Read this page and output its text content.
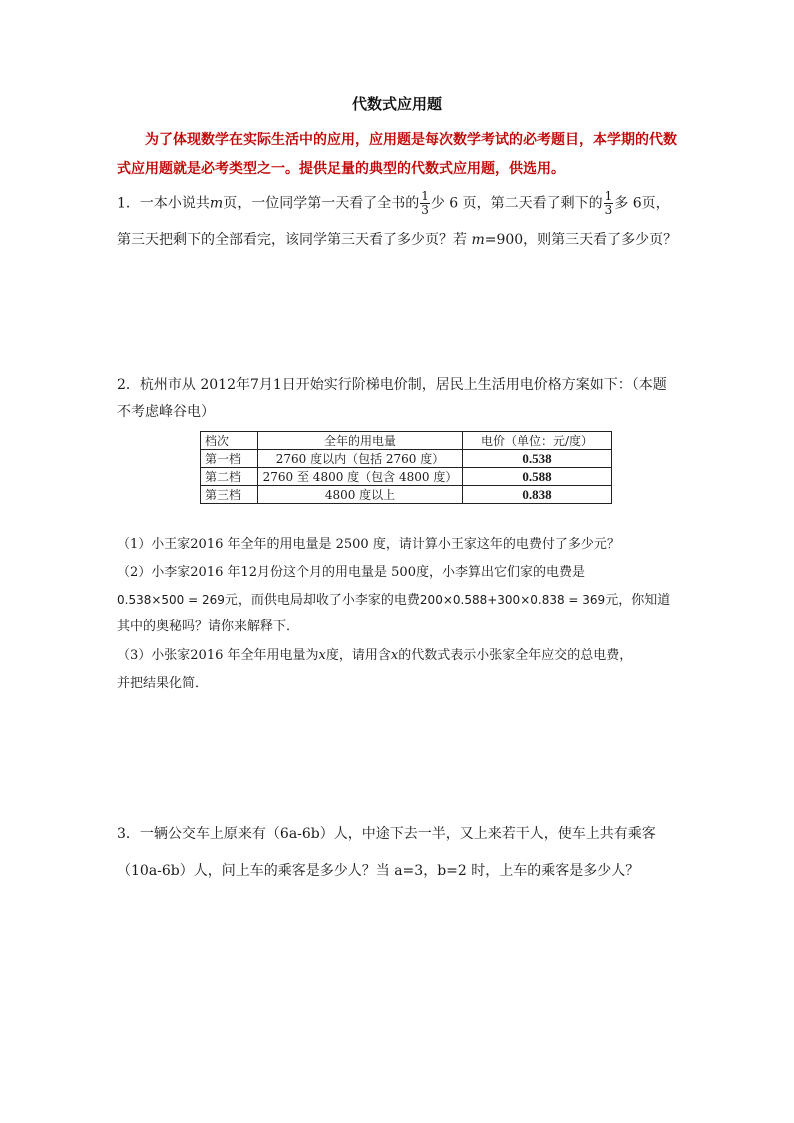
代数式应用题
为了体现数学在实际生活中的应用，应用题是每次数学考试的必考题目，本学期的代数式应用题就是必考类型之一。提供足量的典型的代数式应用题，供选用。
1．一本小说共m页，一位同学第一天看了全书的 $\frac{1}{3}$ 少 6 页，第二天看了剩下的 $\frac{1}{3}$ 多 6页，
第三天把剩下的全部看完，该同学第三天看了多少页？若 m=900，则第三天看了多少页？
2．杭州市从 2012年7月1日开始实行阶梯电价制，居民上生活用电价格方案如下：（本题
不考虑峰谷电）
档次	全年的用电量	电价（单位：元/度）
第一档	2760 度以内（包括 2760 度）	0.538
第二档	2760 至 4800 度（包含 4800 度）	0.588
第三档	4800 度以上	0.838
（1）小王家2016 年全年的用电量是 2500 度，请计算小王家这年的电费付了多少元？
（2）小李家2016 年12月份这个月的用电量是 500度，小李算出它们家的电费是
0.538×500 = 269元，而供电局却收了小李家的电费200×0.588+300×0.838 = 369元，你知道
其中的奥秘吗？请你来解释下．
（3）小张家2016 年全年用电量为x度，请用含x的代数式表示小张家全年应交的总电费，
并把结果化简．
3．一辆公交车上原来有（6a-6b）人，中途下去一半，又上来若干人，使车上共有乘客
（10a-6b）人，问上车的乘客是多少人？当 a=3，b=2 时，上车的乘客是多少人？
